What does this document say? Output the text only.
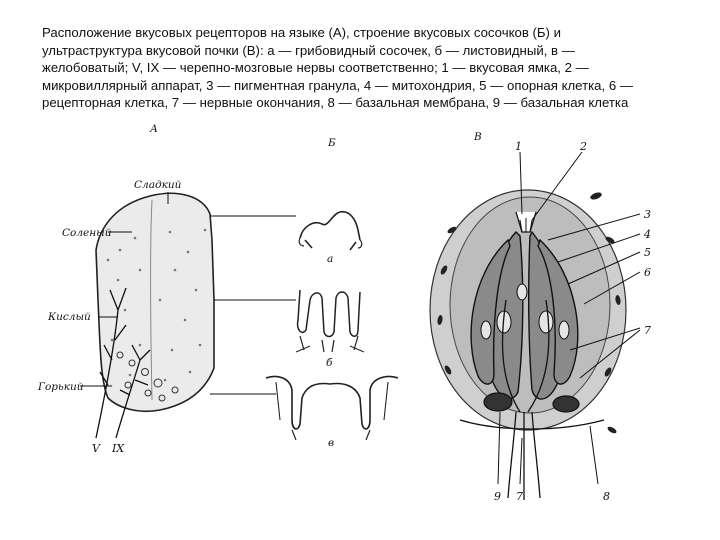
Расположение вкусовых рецепторов на языке (А), строение вкусовых сосочков (Б) и
ультраструктура вкусовой почки (В): а — грибовидный сосочек, б — листовидный, в —
желобоватый; V, IX — черепно-мозговые нервы соответственно; 1 — вкусовая ямка, 2 —
микровиллярный аппарат, 3 — пигментная гранула, 4 — митохондрия, 5 — опорная клетка, 6 —
рецепторная клетка, 7 — нервные окончания, 8 — базальная мембрана, 9 — базальная клетка
А
Сладкий
Соленый
Кислый
Горький
V IX
Б
а
б
в
В
1	2
3
4
5
6
7
8
7
9
